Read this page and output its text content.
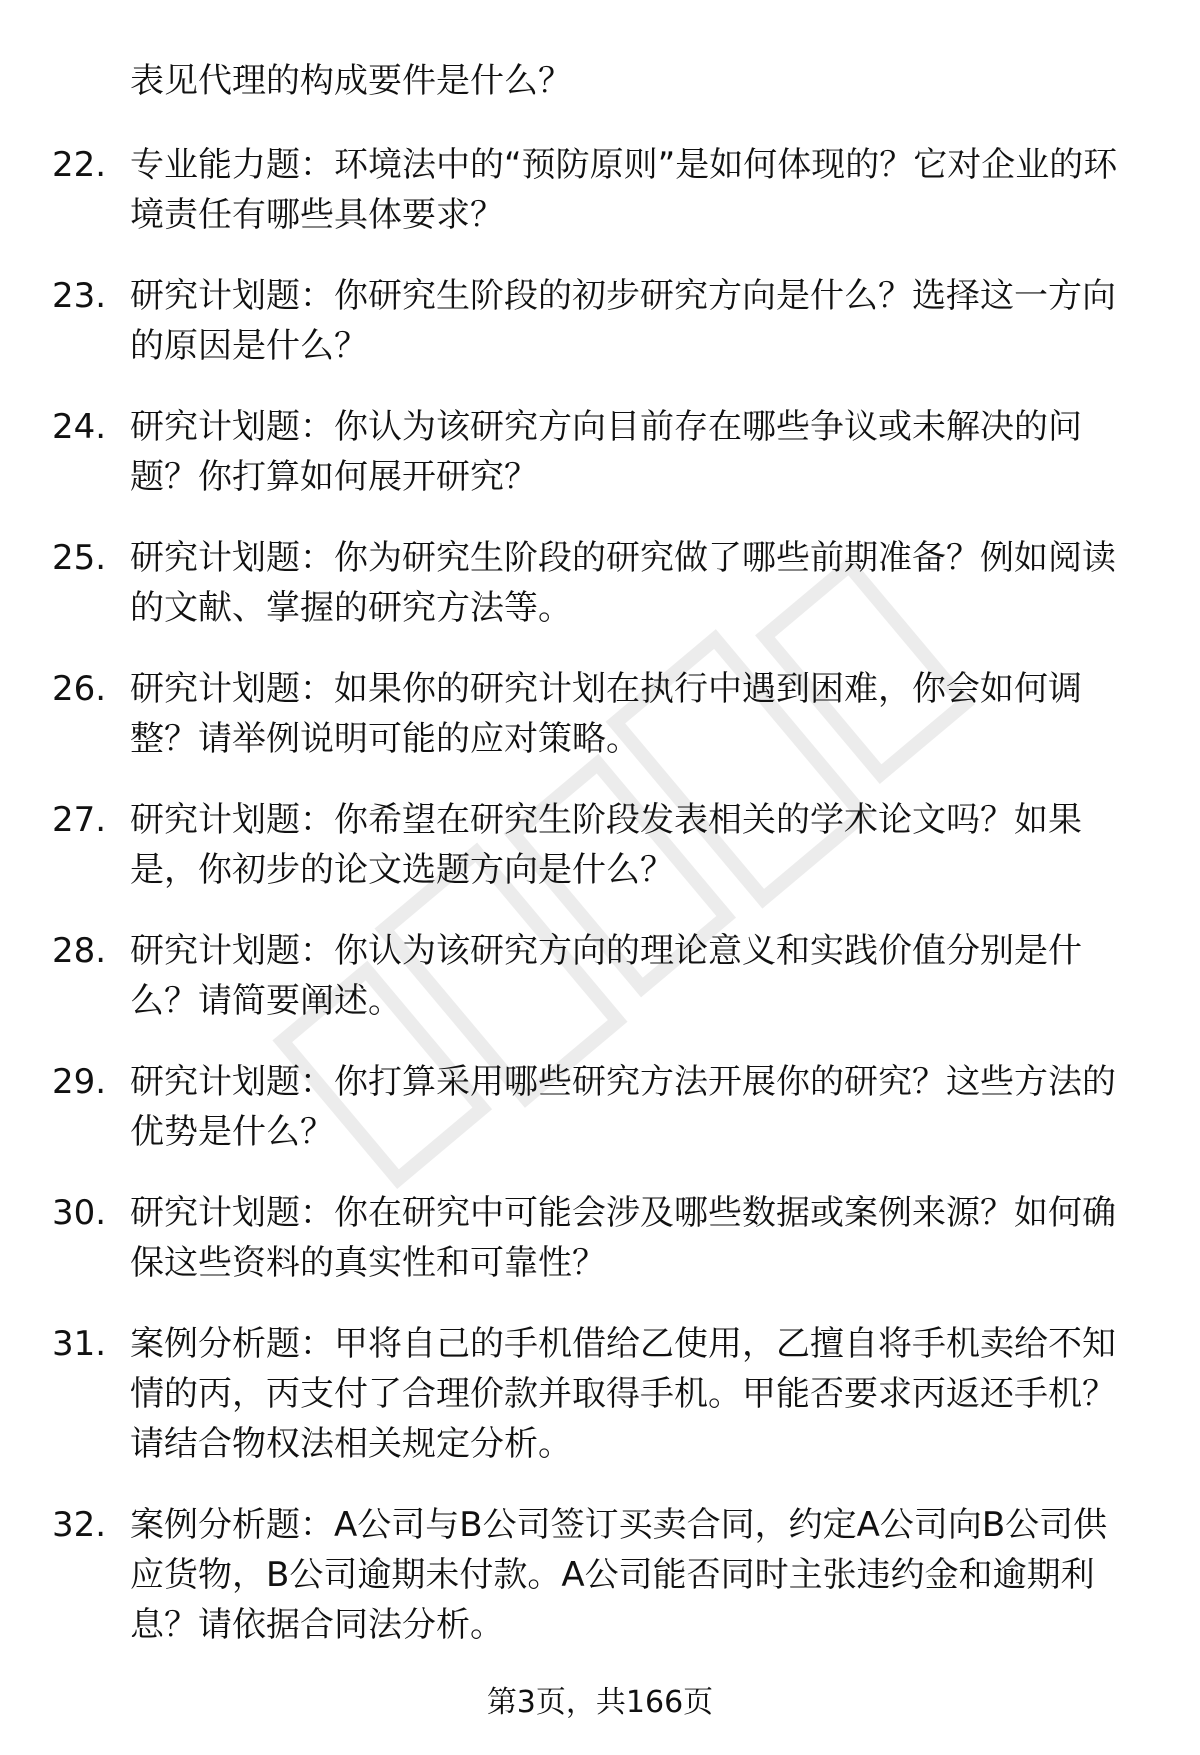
表见代理的构成要件是什么？
22. 专业能力题：环境法中的“预防原则”是如何体现的？它对企业的环境责任有哪些具体要求？
23. 研究计划题：你研究生阶段的初步研究方向是什么？选择这一方向的原因是什么？
24. 研究计划题：你认为该研究方向目前存在哪些争议或未解决的问题？你打算如何展开研究？
25. 研究计划题：你为研究生阶段的研究做了哪些前期准备？例如阅读的文献、掌握的研究方法等。
26. 研究计划题：如果你的研究计划在执行中遇到困难，你会如何调整？请举例说明可能的应对策略。
27. 研究计划题：你希望在研究生阶段发表相关的学术论文吗？如果是，你初步的论文选题方向是什么？
28. 研究计划题：你认为该研究方向的理论意义和实践价值分别是什么？请简要阐述。
29. 研究计划题：你打算采用哪些研究方法开展你的研究？这些方法的优势是什么？
30. 研究计划题：你在研究中可能会涉及哪些数据或案例来源？如何确保这些资料的真实性和可靠性？
31. 案例分析题：甲将自己的手机借给乙使用，乙擅自将手机卖给不知情的丙，丙支付了合理价款并取得手机。甲能否要求丙返还手机？请结合物权法相关规定分析。
32. 案例分析题：A公司与B公司签订买卖合同，约定A公司向B公司供应货物，B公司逾期未付款。A公司能否同时主张违约金和逾期利息？请依据合同法分析。
第3页，共166页
